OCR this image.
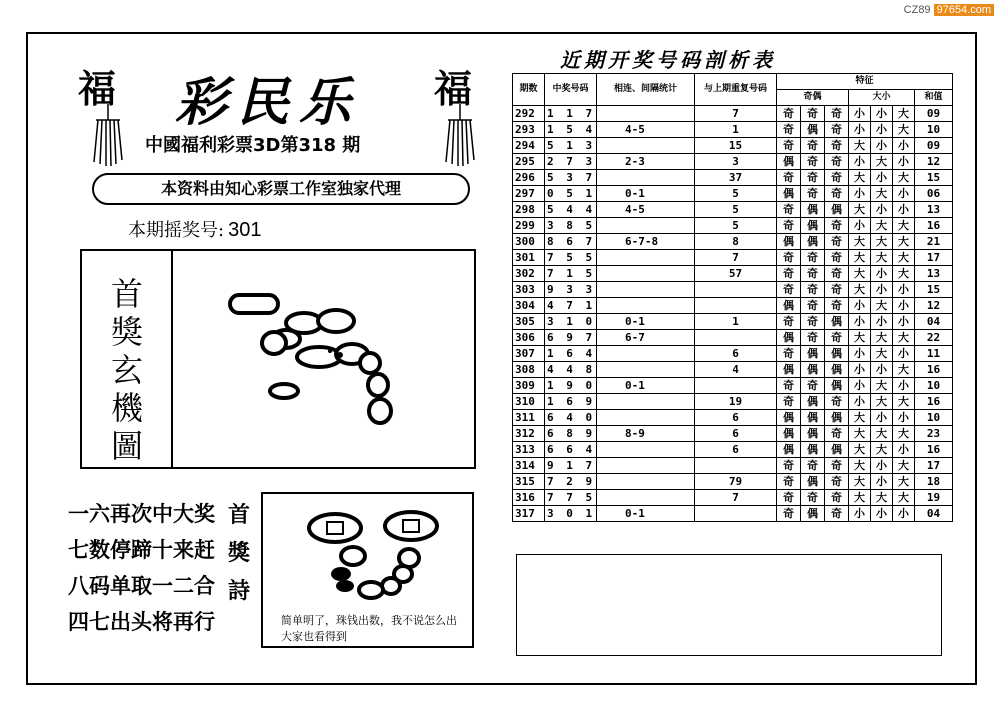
CZ89 97654.com
福	福
彩民乐
中國福利彩票3D第318 期
本资料由知心彩票工作室独家代理
本期摇奖号: 301
首
獎
玄
機
圖
一六再次中大奖
七数停蹄十来赶
八码单取一二合
四七出头将再行
首
獎
詩
简单明了，珠钱出数，我不说怎么出大家也看得到
近期开奖号码剖析表
期数	中奖号码	相连、间隔统计	与上期重复号码	特征						
				奇偶			大小			和值
292	1 1 7		7	奇	奇	奇	小	小	大	09
293	1 5 4	4-5	1	奇	偶	奇	小	小	大	10
294	5 1 3		15	奇	奇	奇	大	小	小	09
295	2 7 3	2-3	3	偶	奇	奇	小	大	小	12
296	5 3 7		37	奇	奇	奇	大	小	大	15
297	0 5 1	0-1	5	偶	奇	奇	小	大	小	06
298	5 4 4	4-5	5	奇	偶	偶	大	小	小	13
299	3 8 5		5	奇	偶	奇	小	大	大	16
300	8 6 7	6-7-8	8	偶	偶	奇	大	大	大	21
301	7 5 5		7	奇	奇	奇	大	大	大	17
302	7 1 5		57	奇	奇	奇	大	小	大	13
303	9 3 3			奇	奇	奇	大	小	小	15
304	4 7 1			偶	奇	奇	小	大	小	12
305	3 1 0	0-1	1	奇	奇	偶	小	小	小	04
306	6 9 7	6-7		偶	奇	奇	大	大	大	22
307	1 6 4		6	奇	偶	偶	小	大	小	11
308	4 4 8		4	偶	偶	偶	小	小	大	16
309	1 9 0	0-1		奇	奇	偶	小	大	小	10
310	1 6 9		19	奇	偶	奇	小	大	大	16
311	6 4 0		6	偶	偶	偶	大	小	小	10
312	6 8 9	8-9	6	偶	偶	奇	大	大	大	23
313	6 6 4		6	偶	偶	偶	大	大	小	16
314	9 1 7			奇	奇	奇	大	小	大	17
315	7 2 9		79	奇	偶	奇	大	小	大	18
316	7 7 5		7	奇	奇	奇	大	大	大	19
317	3 0 1	0-1		奇	偶	奇	小	小	小	04
